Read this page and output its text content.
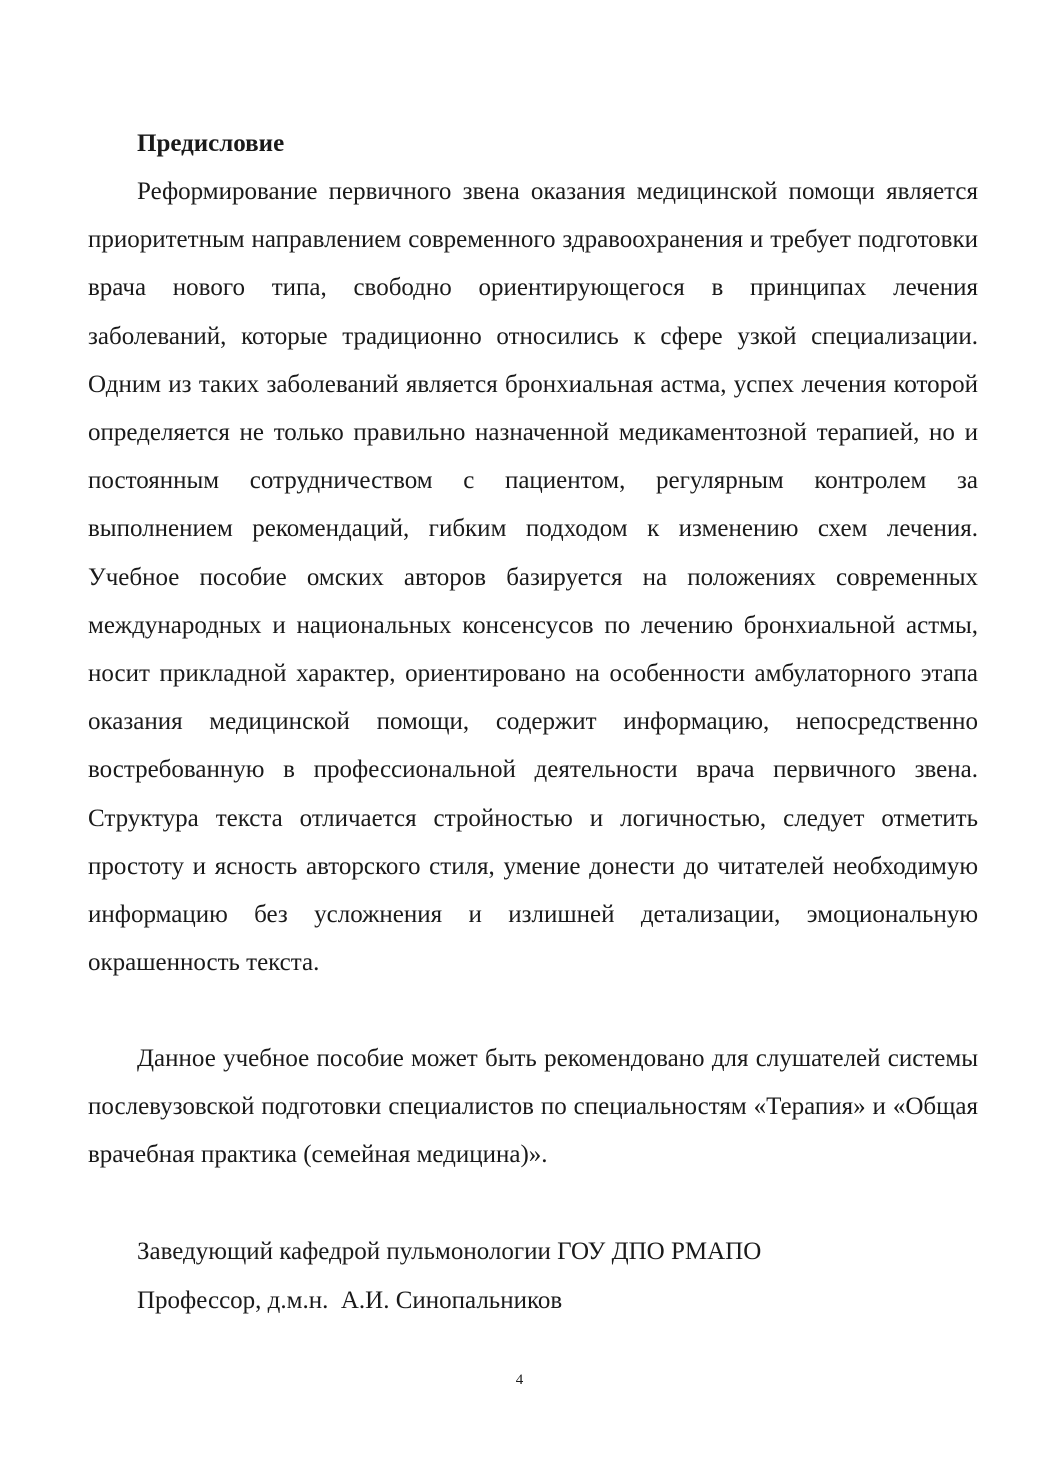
Предисловие

Реформирование первичного звена оказания медицинской помощи является приоритетным направлением современного здравоохранения и требует подготовки врача нового типа, свободно ориентирующегося в принципах лечения заболеваний, которые традиционно относились к сфере узкой специализации. Одним из таких заболеваний является бронхиальная астма, успех лечения которой определяется не только правильно назначенной медикаментозной терапией, но и постоянным сотрудничеством с пациентом, регулярным контролем за выполнением рекомендаций, гибким подходом к изменению схем лечения. Учебное пособие омских авторов базируется на положениях современных международных и национальных консенсусов по лечению бронхиальной астмы, носит прикладной характер, ориентировано на особенности амбулаторного этапа оказания медицинской помощи, содержит информацию, непосредственно востребованную в профессиональной деятельности врача первичного звена. Структура текста отличается стройностью и логичностью, следует отметить простоту и ясность авторского стиля, умение донести до читателей необходимую информацию без усложнения и излишней детализации, эмоциональную окрашенность текста.

Данное учебное пособие может быть рекомендовано для слушателей системы послевузовской подготовки специалистов по специальностям «Терапия» и «Общая врачебная практика (семейная медицина)».

Заведующий кафедрой пульмонологии ГОУ ДПО РМАПО

Профессор, д.м.н.  А.И. Синопальников

4
